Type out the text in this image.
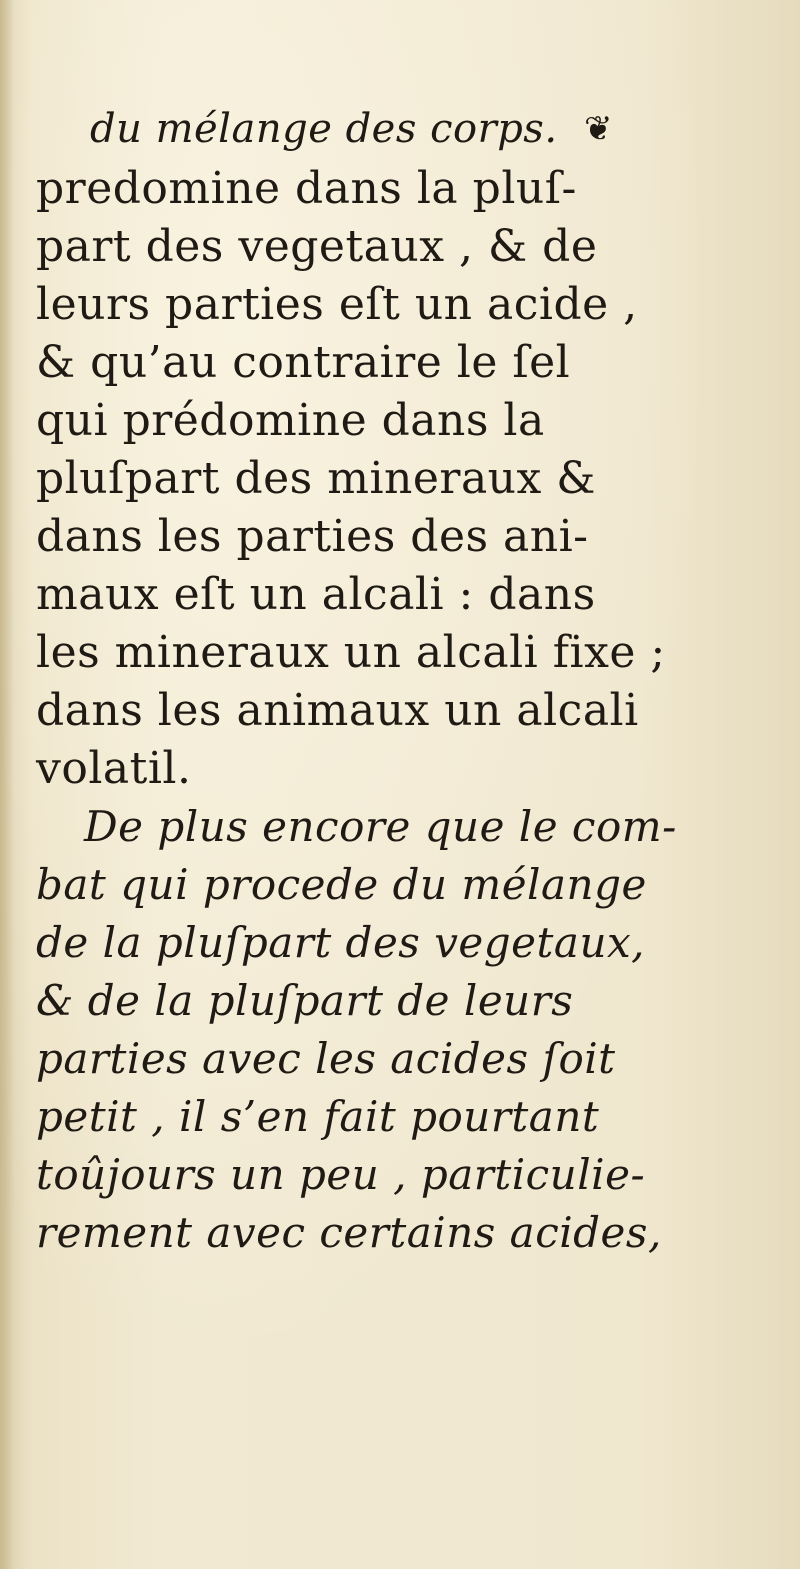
du mélange des corps. ❦
predomine dans la pluſ-
part des vegetaux , & de
leurs parties eſt un acide ,
& qu’au contraire le ſel
qui prédomine dans la
pluſpart des mineraux &
dans les parties des ani-
maux eſt un alcali : dans
les mineraux un alcali fixe ;
dans les animaux un alcali
volatil.
De plus encore que le com-
bat qui procede du mélange
de la pluſpart des vegetaux,
& de la pluſpart de leurs
parties avec les acides ſoit
petit , il s’en fait pourtant
toûjours un peu , particulie-
rement avec certains acides,
